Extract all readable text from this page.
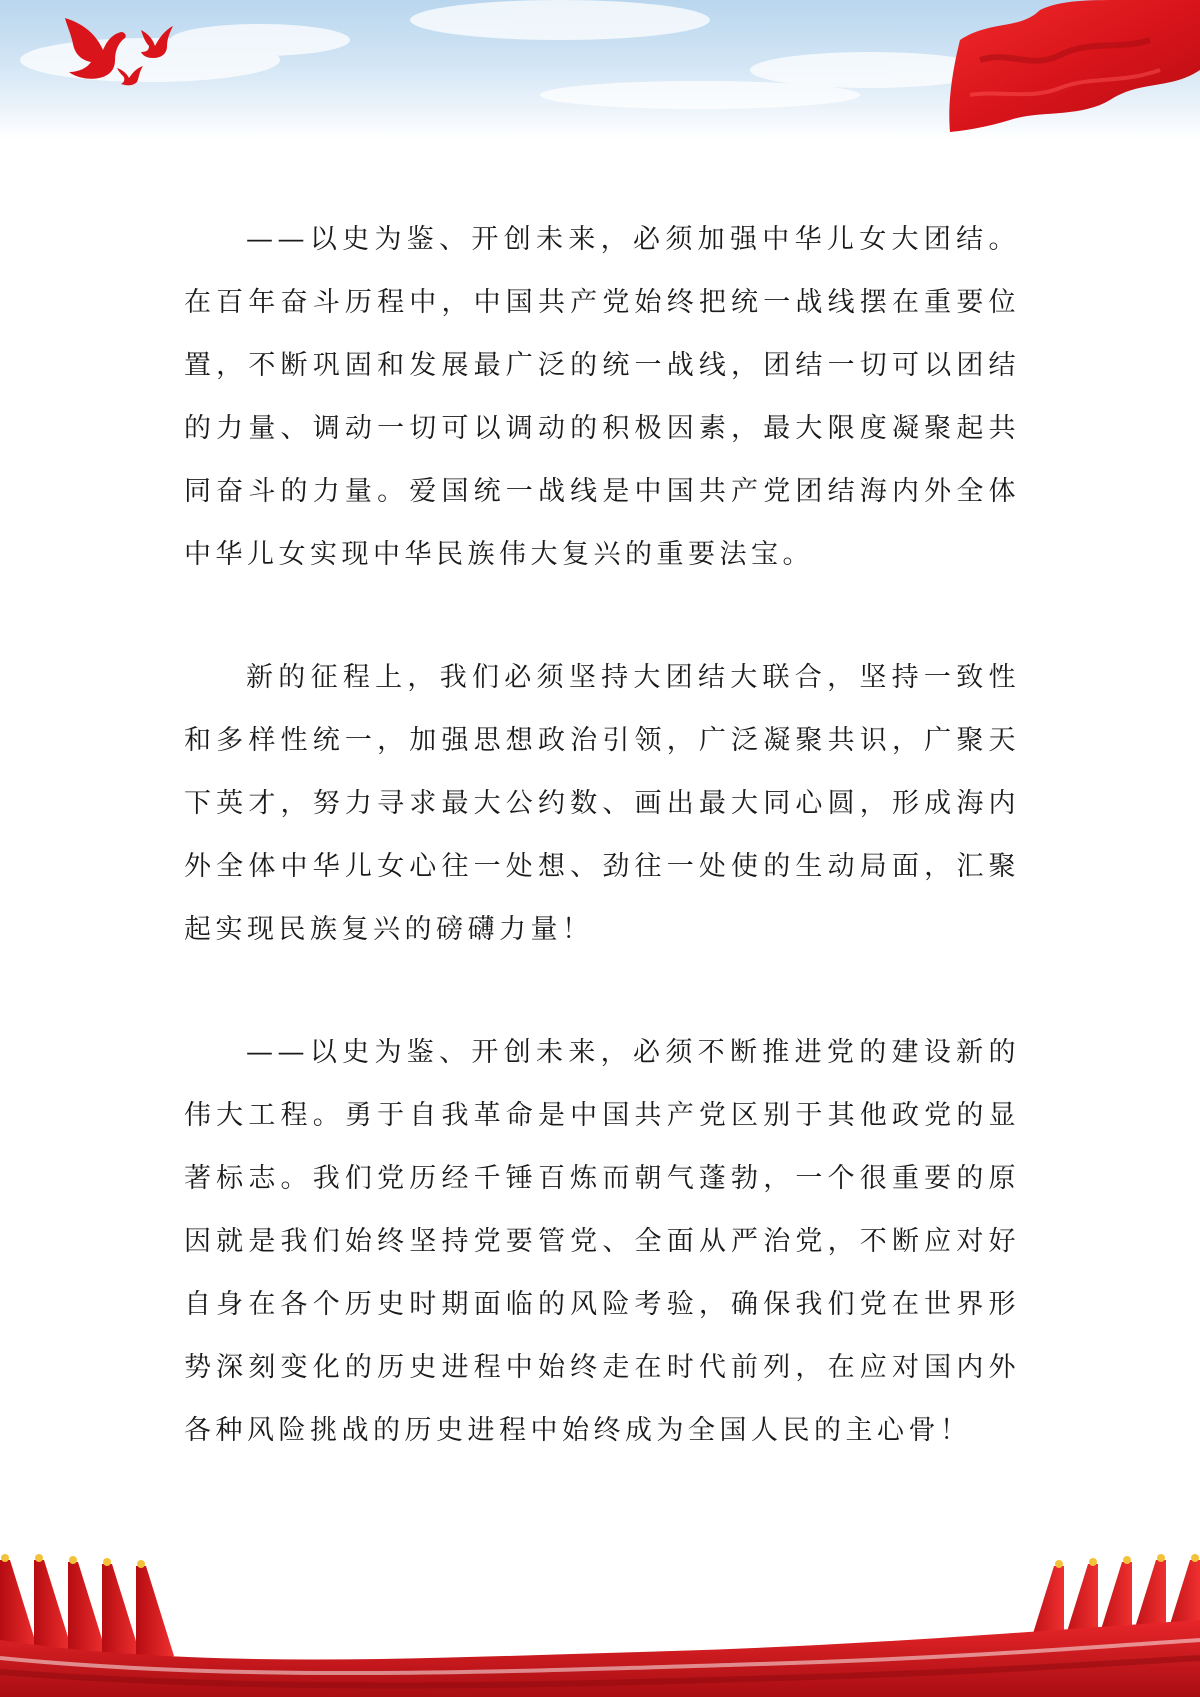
——以史为鉴、开创未来，必须加强中华儿女大团结。在百年奋斗历程中，中国共产党始终把统一战线摆在重要位置，不断巩固和发展最广泛的统一战线，团结一切可以团结的力量、调动一切可以调动的积极因素，最大限度凝聚起共同奋斗的力量。爱国统一战线是中国共产党团结海内外全体中华儿女实现中华民族伟大复兴的重要法宝。

新的征程上，我们必须坚持大团结大联合，坚持一致性和多样性统一，加强思想政治引领，广泛凝聚共识，广聚天下英才，努力寻求最大公约数、画出最大同心圆，形成海内外全体中华儿女心往一处想、劲往一处使的生动局面，汇聚起实现民族复兴的磅礴力量！

——以史为鉴、开创未来，必须不断推进党的建设新的伟大工程。勇于自我革命是中国共产党区别于其他政党的显著标志。我们党历经千锤百炼而朝气蓬勃，一个很重要的原因就是我们始终坚持党要管党、全面从严治党，不断应对好自身在各个历史时期面临的风险考验，确保我们党在世界形势深刻变化的历史进程中始终走在时代前列，在应对国内外各种风险挑战的历史进程中始终成为全国人民的主心骨！
